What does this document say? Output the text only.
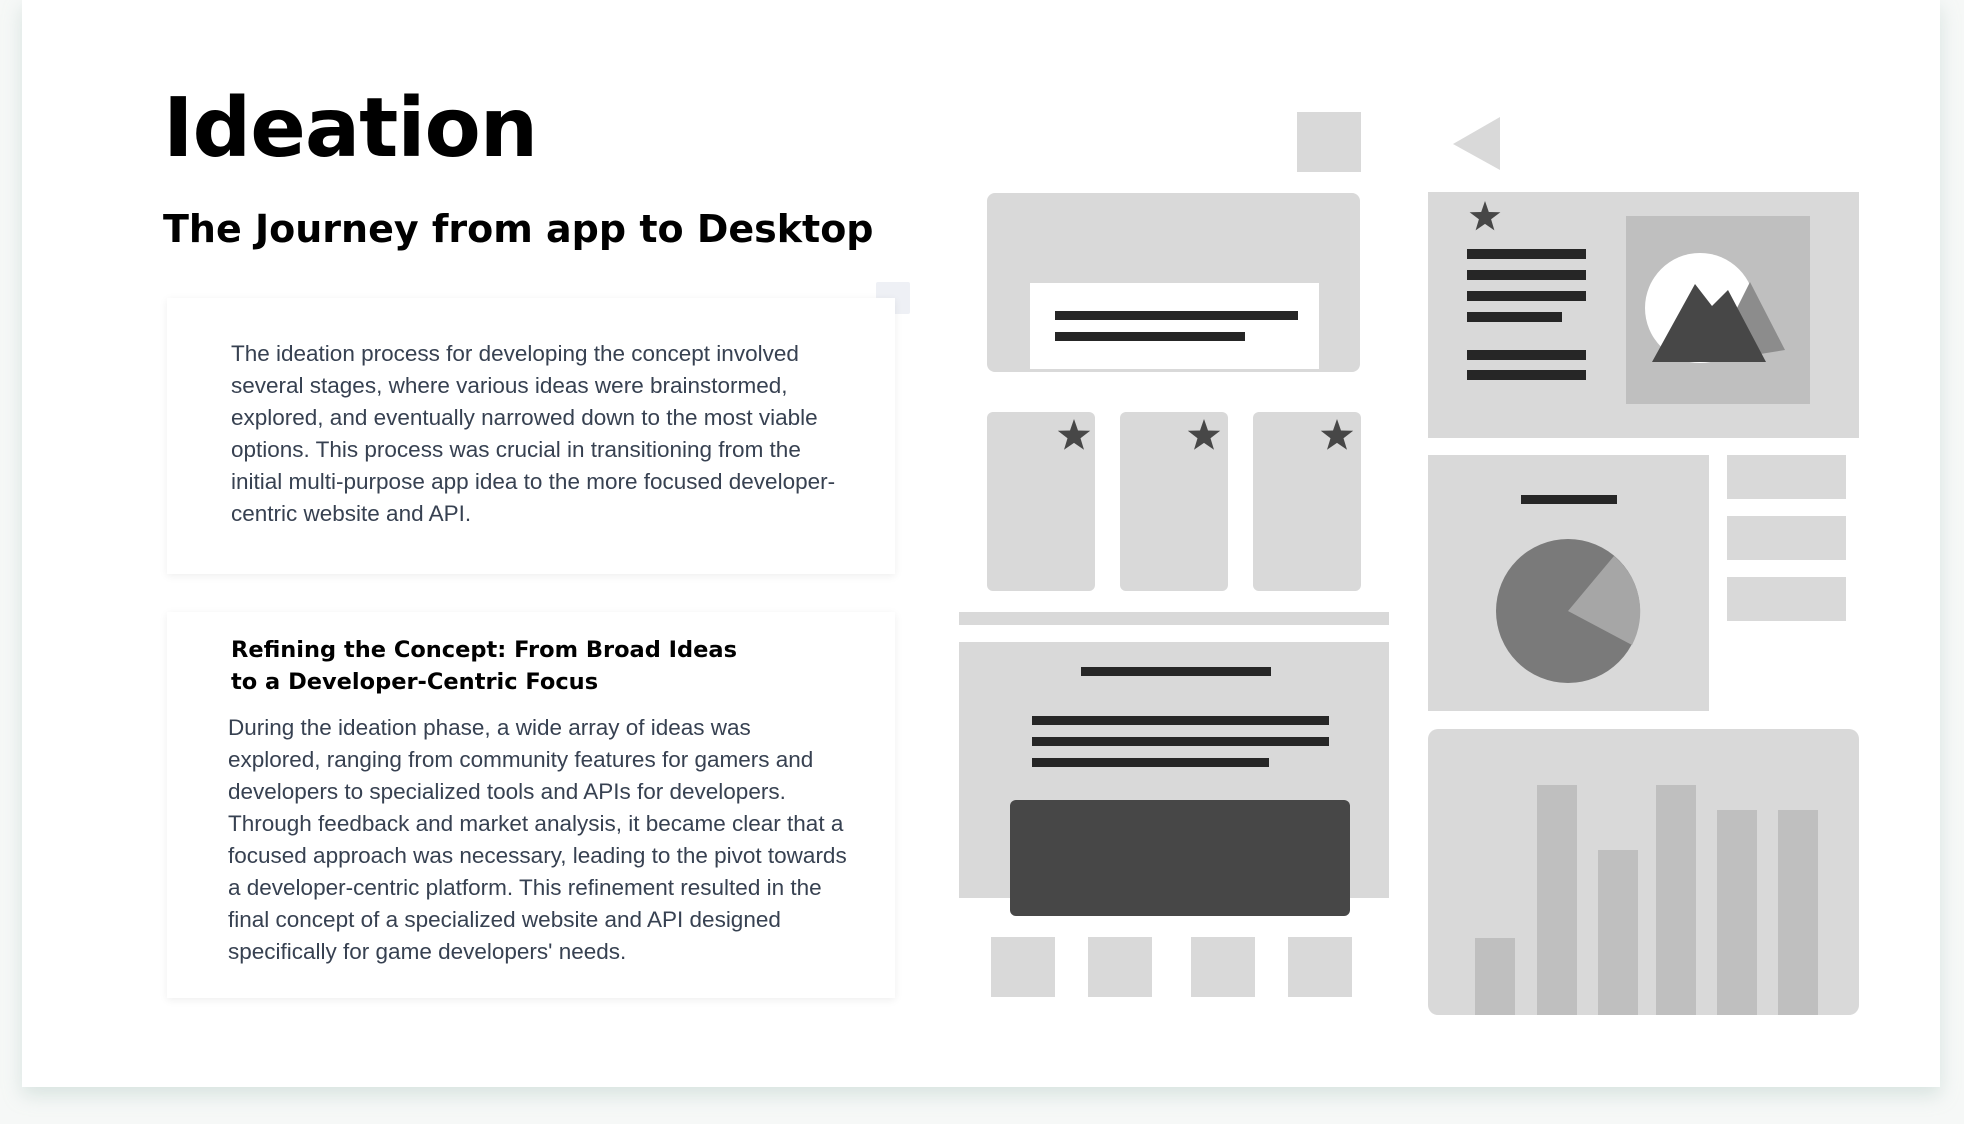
Ideation
The Journey from app to Desktop

The ideation process for developing the concept involved several stages, where various ideas were brainstormed, explored, and eventually narrowed down to the most viable options. This process was crucial in transitioning from the initial multi-purpose app idea to the more focused developer-centric website and API.

Refining the Concept: From Broad Ideas to a Developer-Centric Focus

During the ideation phase, a wide array of ideas was explored, ranging from community features for gamers and developers to specialized tools and APIs for developers. Through feedback and market analysis, it became clear that a focused approach was necessary, leading to the pivot towards a developer-centric platform. This refinement resulted in the final concept of a specialized website and API designed specifically for game developers' needs.
